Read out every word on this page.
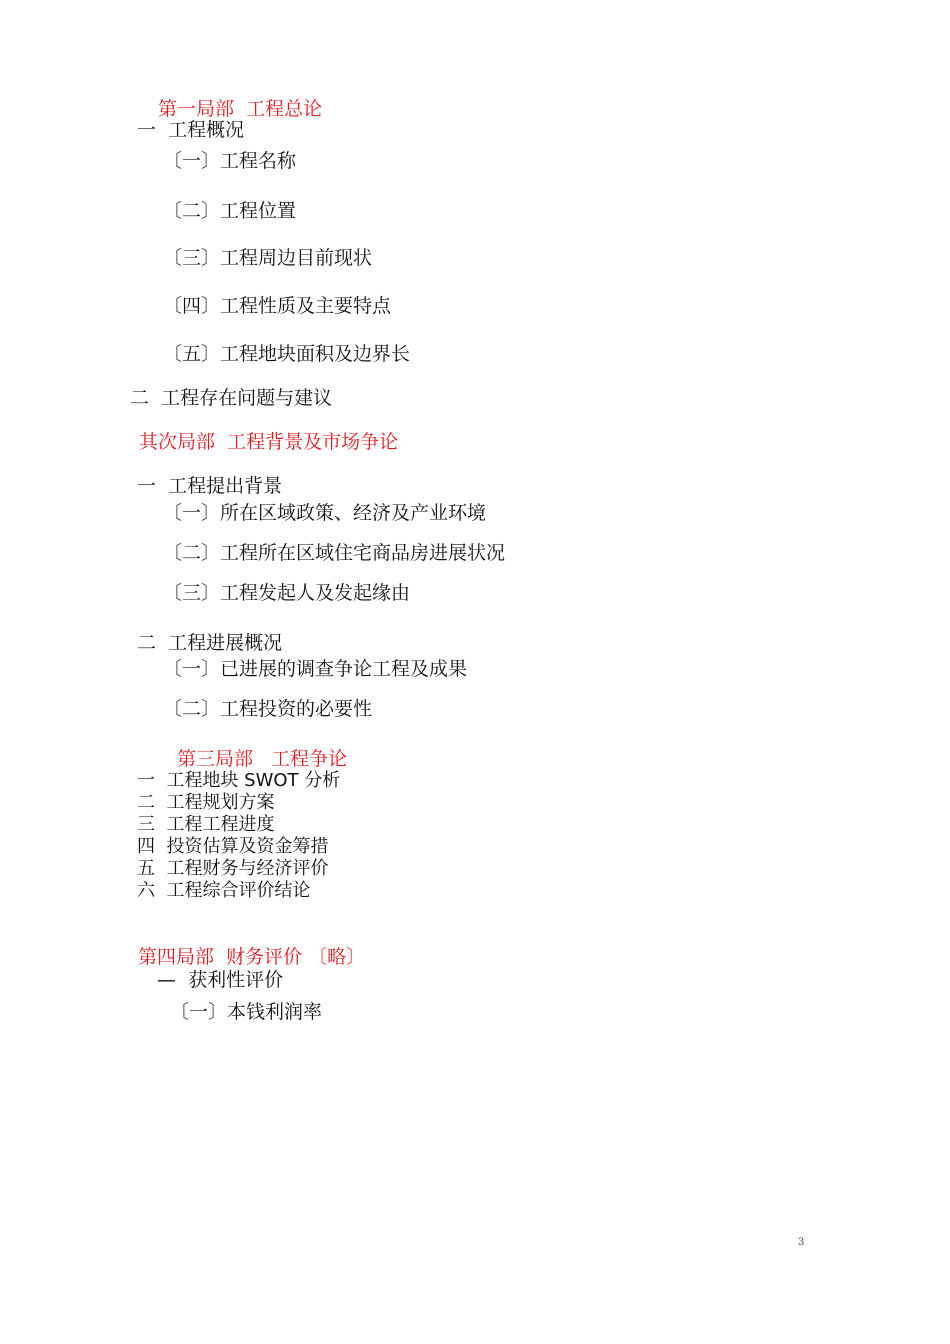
第一局部  工程总论
一  工程概况
〔一〕工程名称
〔二〕工程位置
〔三〕工程周边目前现状
〔四〕工程性质及主要特点
〔五〕工程地块面积及边界长
二  工程存在问题与建议
其次局部  工程背景及市场争论
一  工程提出背景
〔一〕所在区域政策、经济及产业环境
〔二〕工程所在区域住宅商品房进展状况
〔三〕工程发起人及发起缘由
二  工程进展概况
〔一〕已进展的调查争论工程及成果
〔二〕工程投资的必要性
第三局部   工程争论
一  工程地块 SWOT 分析
二  工程规划方案
三  工程工程进度
四  投资估算及资金筹措
五  工程财务与经济评价
六  工程综合评价结论
第四局部  财务评价 〔略〕
—  获利性评价
〔一〕本钱利润率
3
